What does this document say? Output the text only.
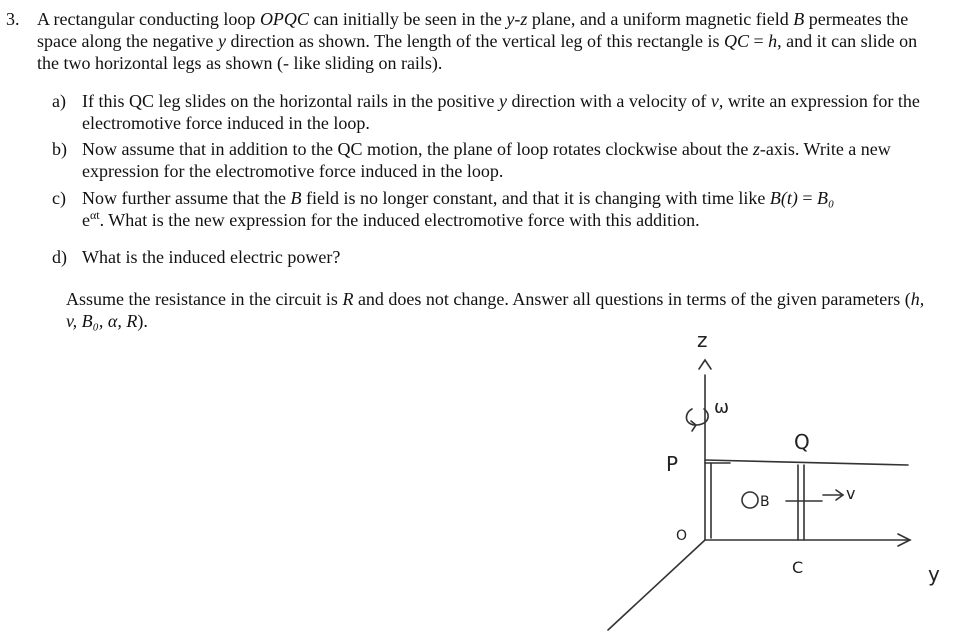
3. A rectangular conducting loop OPQC can initially be seen in the y-z plane, and a uniform magnetic field B permeates the space along the negative y direction as shown. The length of the vertical leg of this rectangle is QC = h, and it can slide on the two horizontal legs as shown (- like sliding on rails).
a) If this QC leg slides on the horizontal rails in the positive y direction with a velocity of v, write an expression for the electromotive force induced in the loop.
b) Now assume that in addition to the QC motion, the plane of loop rotates clockwise about the z-axis. Write a new expression for the electromotive force induced in the loop.
c) Now further assume that the B field is no longer constant, and that it is changing with time like B(t) = B₀
$e^{\alpha t}$. What is the new expression for the induced electromotive force with this addition.
d) What is the induced electric power?
Assume the resistance in the circuit is R and does not change. Answer all questions in terms of the given parameters (h, v, B₀, α, R).
z
ω
P
Q
O
B	v
C	y
